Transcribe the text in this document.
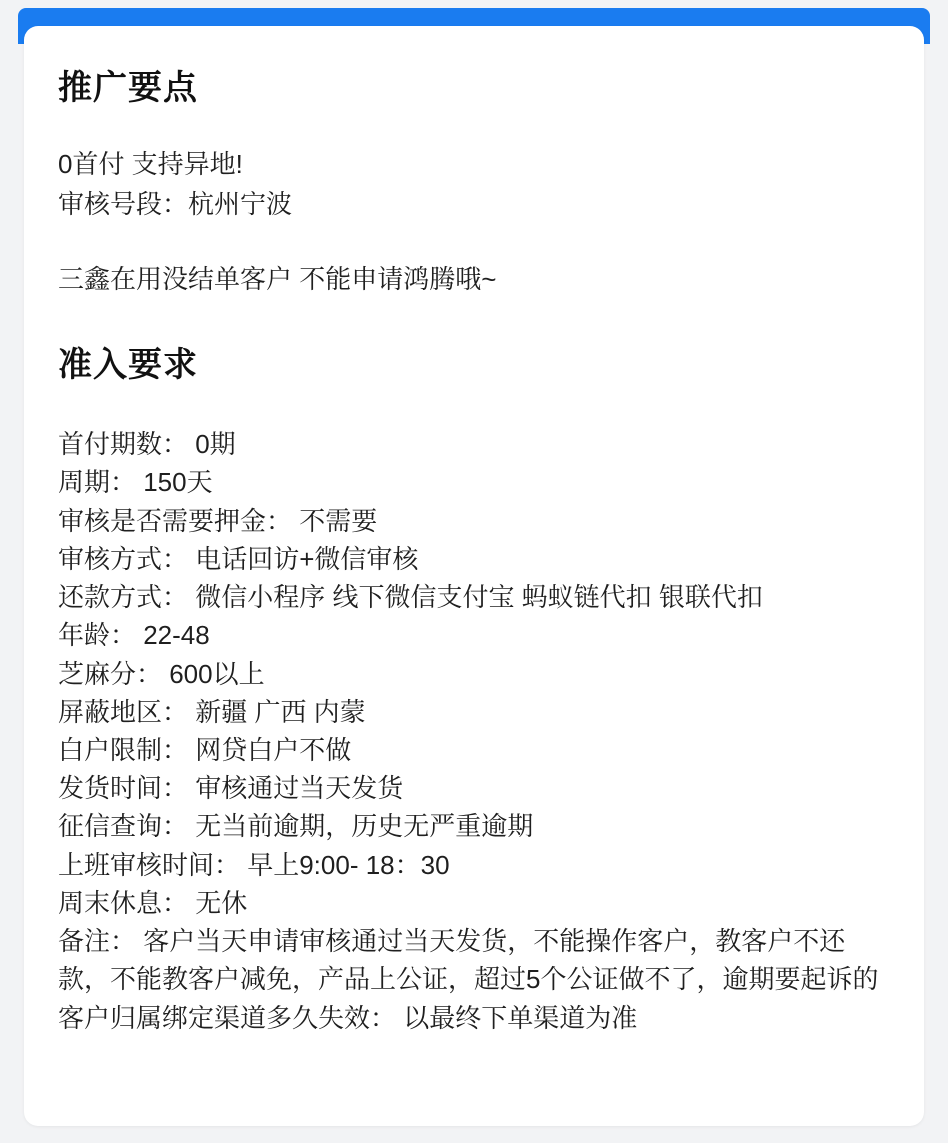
推广要点

0首付 支持异地!

审核号段：杭州宁波

三鑫在用没结单客户 不能申请鸿腾哦~

准入要求

首付期数： 0期

周期： 150天

审核是否需要押金： 不需要

审核方式： 电话回访+微信审核

还款方式： 微信小程序 线下微信支付宝 蚂蚁链代扣 银联代扣

年龄： 22-48

芝麻分： 600以上

屏蔽地区： 新疆 广西 内蒙

白户限制： 网贷白户不做

发货时间： 审核通过当天发货

征信查询： 无当前逾期，历史无严重逾期

上班审核时间： 早上9:00- 18：30

周末休息： 无休

备注： 客户当天申请审核通过当天发货，不能操作客户，教客户不还款，不能教客户减免，产品上公证，超过5个公证做不了，逾期要起诉的

客户归属绑定渠道多久失效： 以最终下单渠道为准
